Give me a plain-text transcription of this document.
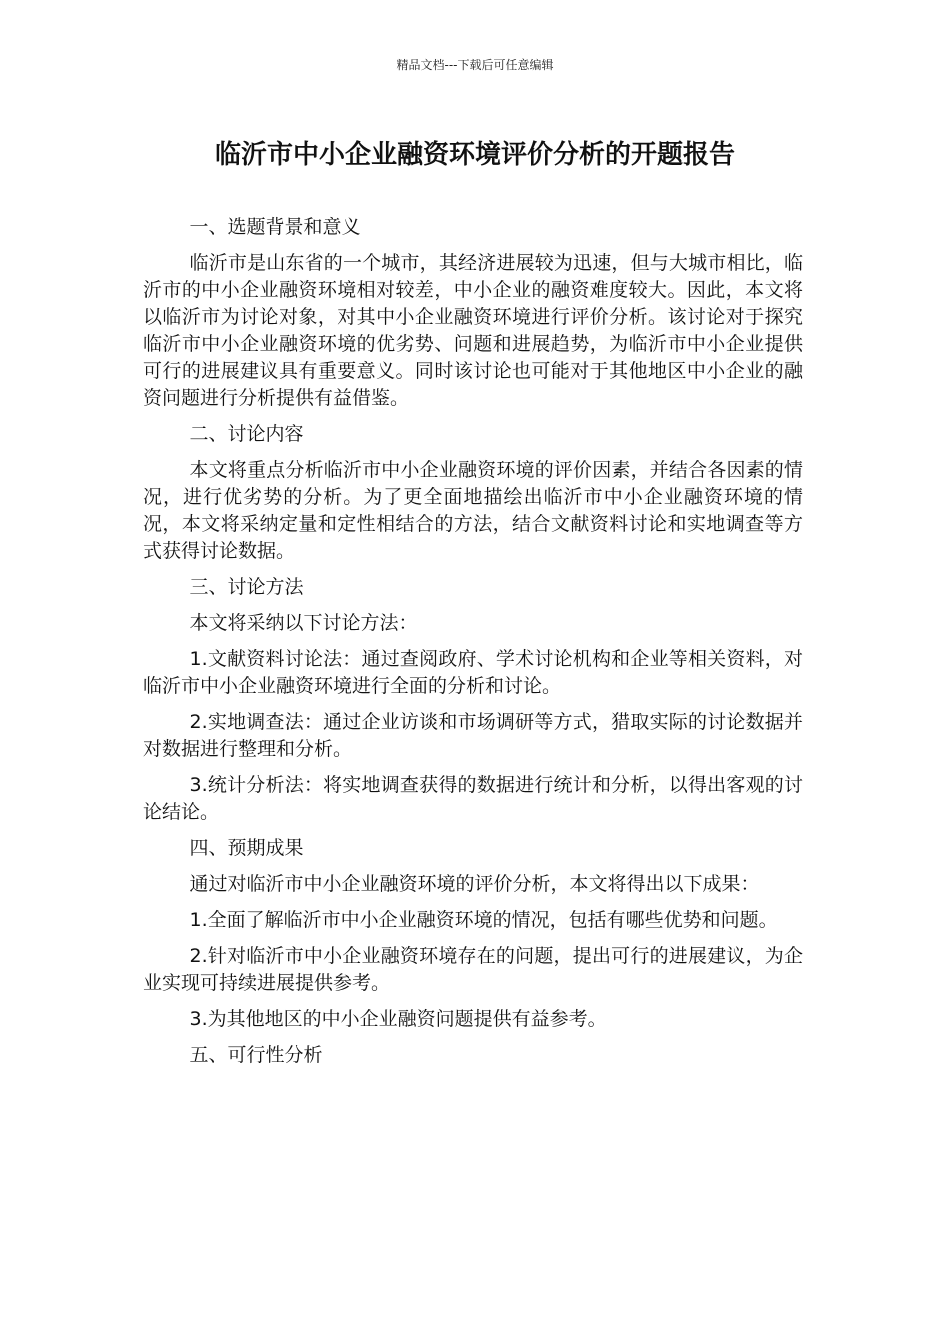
精品文档---下载后可任意编辑
临沂市中小企业融资环境评价分析的开题报告

一、选题背景和意义

临沂市是山东省的一个城市，其经济进展较为迅速，但与大城市相比，临沂市的中小企业融资环境相对较差，中小企业的融资难度较大。因此，本文将以临沂市为讨论对象，对其中小企业融资环境进行评价分析。该讨论对于探究临沂市中小企业融资环境的优劣势、问题和进展趋势，为临沂市中小企业提供可行的进展建议具有重要意义。同时该讨论也可能对于其他地区中小企业的融资问题进行分析提供有益借鉴。

二、讨论内容

本文将重点分析临沂市中小企业融资环境的评价因素，并结合各因素的情况，进行优劣势的分析。为了更全面地描绘出临沂市中小企业融资环境的情况，本文将采纳定量和定性相结合的方法，结合文献资料讨论和实地调查等方式获得讨论数据。

三、讨论方法

本文将采纳以下讨论方法：

1.文献资料讨论法：通过查阅政府、学术讨论机构和企业等相关资料，对临沂市中小企业融资环境进行全面的分析和讨论。

2.实地调查法：通过企业访谈和市场调研等方式，猎取实际的讨论数据并对数据进行整理和分析。

3.统计分析法：将实地调查获得的数据进行统计和分析，以得出客观的讨论结论。

四、预期成果

通过对临沂市中小企业融资环境的评价分析，本文将得出以下成果：

1.全面了解临沂市中小企业融资环境的情况，包括有哪些优势和问题。

2.针对临沂市中小企业融资环境存在的问题，提出可行的进展建议，为企业实现可持续进展提供参考。

3.为其他地区的中小企业融资问题提供有益参考。

五、可行性分析
